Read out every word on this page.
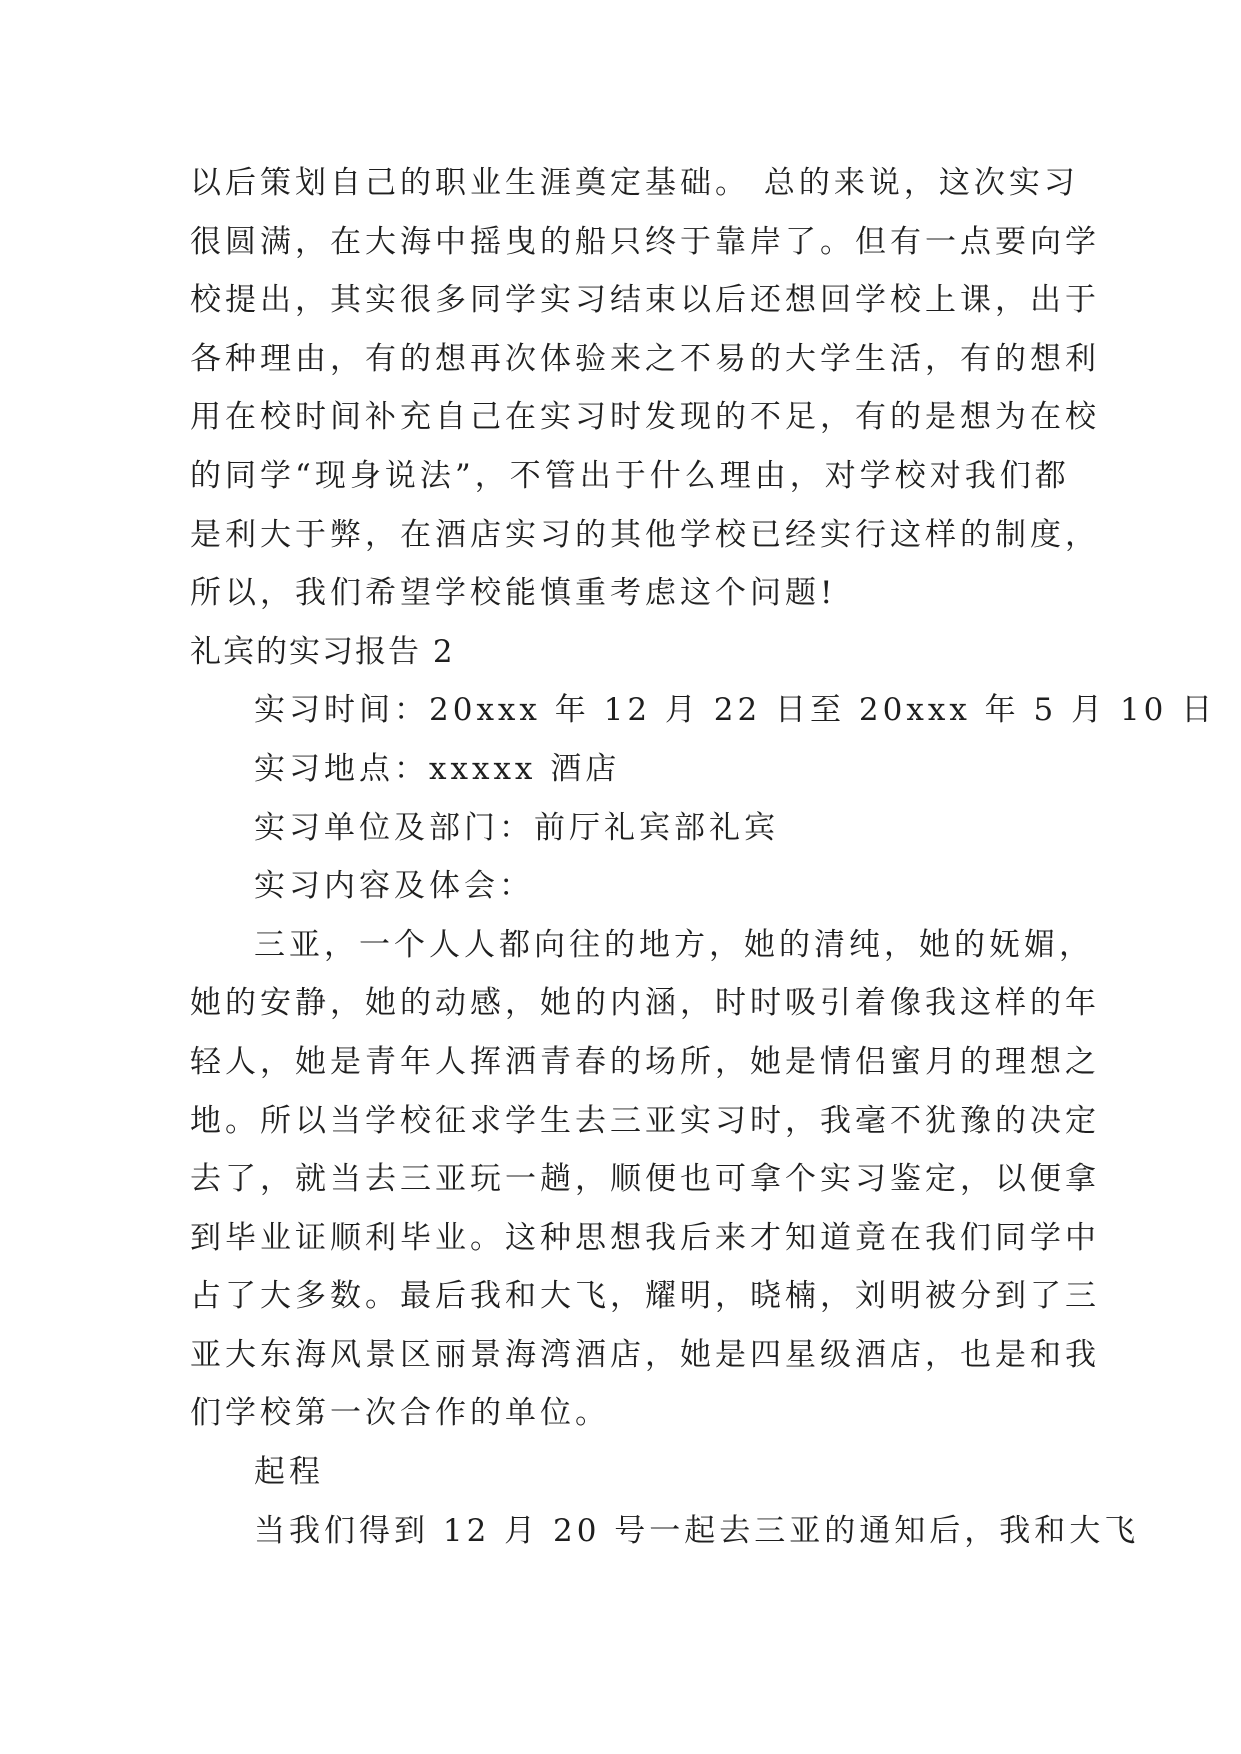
以后策划自己的职业生涯奠定基础。 总的来说，这次实习
很圆满，在大海中摇曳的船只终于靠岸了。但有一点要向学
校提出，其实很多同学实习结束以后还想回学校上课，出于
各种理由，有的想再次体验来之不易的大学生活，有的想利
用在校时间补充自己在实习时发现的不足，有的是想为在校
的同学“现身说法”，不管出于什么理由，对学校对我们都
是利大于弊，在酒店实习的其他学校已经实行这样的制度，
所以，我们希望学校能慎重考虑这个问题!
礼宾的实习报告 2
实习时间：20xxx 年 12 月 22 日至 20xxx 年 5 月 10 日
实习地点：xxxxx 酒店
实习单位及部门：前厅礼宾部礼宾
实习内容及体会：
三亚，一个人人都向往的地方，她的清纯，她的妩媚，
她的安静，她的动感，她的内涵，时时吸引着像我这样的年
轻人，她是青年人挥洒青春的场所，她是情侣蜜月的理想之
地。所以当学校征求学生去三亚实习时，我毫不犹豫的决定
去了，就当去三亚玩一趟，顺便也可拿个实习鉴定，以便拿
到毕业证顺利毕业。这种思想我后来才知道竟在我们同学中
占了大多数。最后我和大飞，耀明，晓楠，刘明被分到了三
亚大东海风景区丽景海湾酒店，她是四星级酒店，也是和我
们学校第一次合作的单位。
起程
当我们得到 12 月 20 号一起去三亚的通知后，我和大飞
